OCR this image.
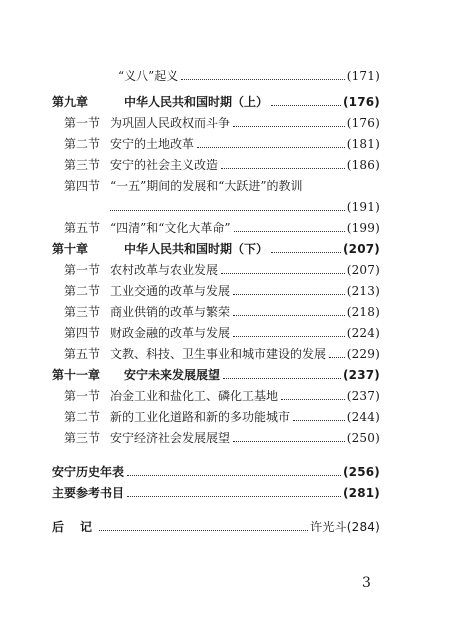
“义八”起义	(171)
第九章	中华人民共和国时期（上）	(176)
第一节 为巩固人民政权而斗争	(176)
第二节 安宁的土地改革	(181)
第三节 安宁的社会主义改造	(186)
第四节 “一五”期间的发展和“大跃进”的教训
(191)
第五节 “四清”和“文化大革命”	(199)
第十章	中华人民共和国时期（下）	(207)
第一节 农村改革与农业发展	(207)
第二节 工业交通的改革与发展	(213)
第三节 商业供销的改革与繁荣	(218)
第四节 财政金融的改革与发展	(224)
第五节 文教、科技、卫生事业和城市建设的发展 (229)
第十一章	安宁未来发展展望	(237)
第一节 冶金工业和盐化工、磷化工基地	(237)
第二节 新的工业化道路和新的多功能城市	(244)
第三节 安宁经济社会发展展望	(250)
安宁历史年表	(256)
主要参考书目	(281)
后　记	许光斗(284)
3
